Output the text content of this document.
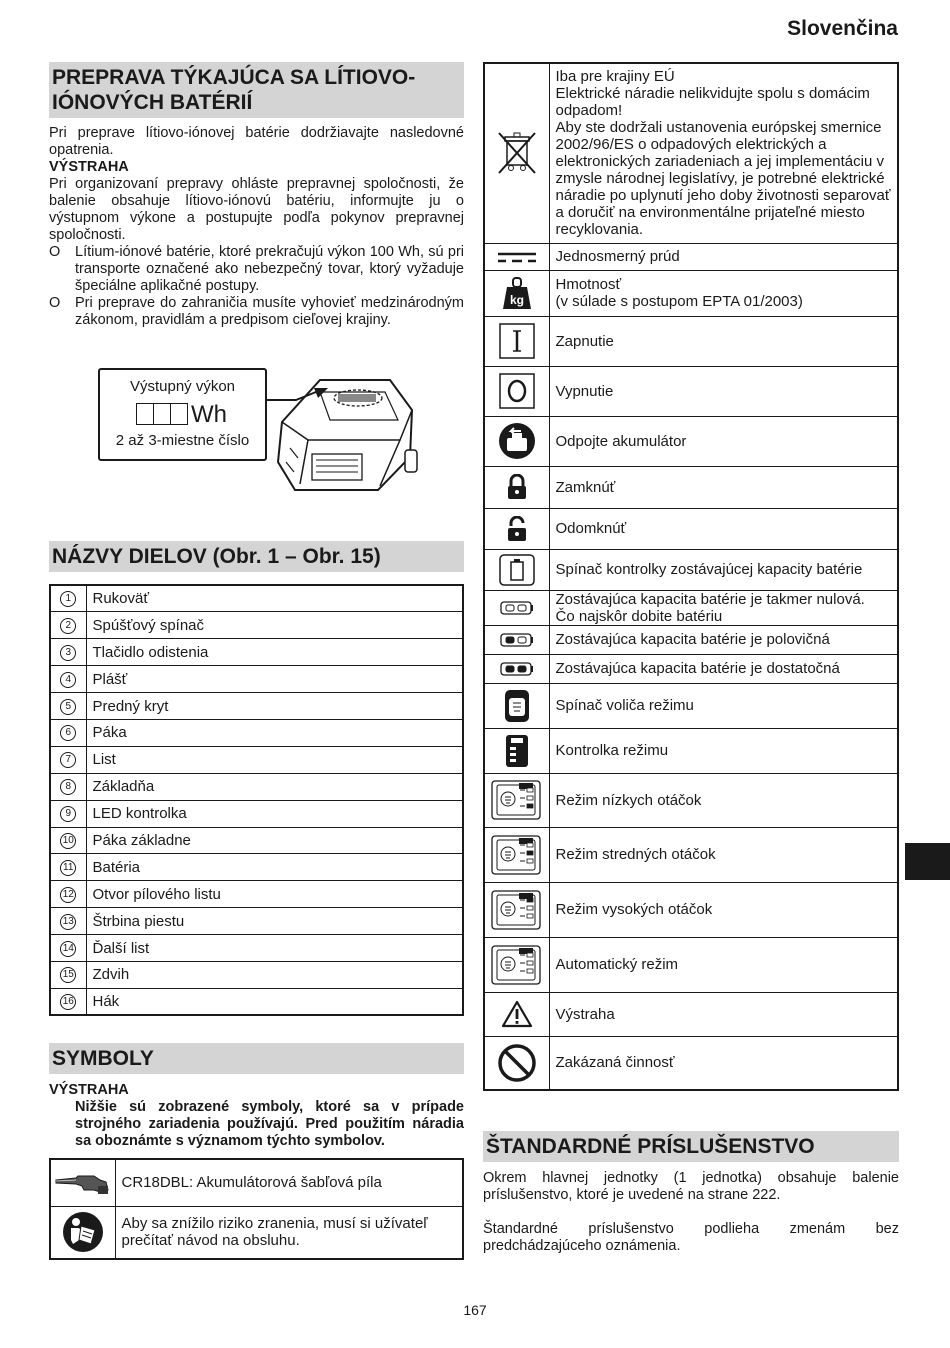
Slovenčina
PREPRAVA TÝKAJÚCA SA LÍTIOVO-
IÓNOVÝCH BATÉRIÍ

Pri preprave lítiovo-iónovej batérie dodržiavajte nasledovné opatrenia.

VÝSTRAHA

Pri organizovaní prepravy ohláste prepravnej spoločnosti, že balenie obsahuje lítiovo-iónovú batériu, informujte ju o výstupnom výkone a postupujte podľa pokynov prepravnej spoločnosti.

O Lítium-iónové batérie, ktoré prekračujú výkon 100 Wh, sú pri transporte označené ako nebezpečný tovar, ktorý vyžaduje špeciálne aplikačné postupy.
O Pri preprave do zahraničia musíte vyhovieť medzinárodným zákonom, pravidlám a predpisom cieľovej krajiny.
Výstupný výkon
Wh
2 až 3-miestne číslo
NÁZVY DIELOV (Obr. 1 – Obr. 15)
1	Rukoväť
2	Spúšťový spínač
3	Tlačidlo odistenia
4	Plášť
5	Predný kryt
6	Páka
7	List
8	Základňa
9	LED kontrolka
10	Páka základne
11	Batéria
12	Otvor pílového listu
13	Štrbina piestu
14	Ďalší list
15	Zdvih
16	Hák
SYMBOLY

VÝSTRAHA

Nižšie sú zobrazené symboly, ktoré sa v prípade strojného zariadenia používajú. Pred použitím náradia sa oboznámte s významom týchto symbolov.

	CR18DBL: Akumulátorová šabľová píla

	Aby sa znížilo riziko zranenia, musí si užívateľ prečítať návod na obsluhu.

Iba pre krajiny EÚ
Elektrické náradie nelikvidujte spolu s domácim odpadom!
Aby ste dodržali ustanovenia európskej smernice 2002/96/ES o odpadových elektrických a elektronických zariadeniach a jej implementáciu v zmysle národnej legislatívy, je potrebné elektrické náradie po uplynutí jeho doby životnosti separovať a doručiť na environmentálne prijateľné miesto recyklovania.

Jednosmerný prúd

kg	Hmotnosť
(v súlade s postupom EPTA 01/2003)

Zapnutie

Vypnutie

Odpojte akumulátor

Zamknúť

Odomknúť

Spínač kontrolky zostávajúcej kapacity batérie

Zostávajúca kapacita batérie je takmer nulová.
Čo najskôr dobite batériu

Zostávajúca kapacita batérie je polovičná

Zostávajúca kapacita batérie je dostatočná

Spínač voliča režimu

Kontrolka režimu

Režim nízkych otáčok

Režim stredných otáčok

Režim vysokých otáčok

Automatický režim

Výstraha

Zakázaná činnosť
ŠTANDARDNÉ PRÍSLUŠENSTVO

Okrem hlavnej jednotky (1 jednotka) obsahuje balenie príslušenstvo, ktoré je uvedené na strane 222.

Štandardné príslušenstvo podlieha zmenám bez predchádzajúceho oznámenia.

167
